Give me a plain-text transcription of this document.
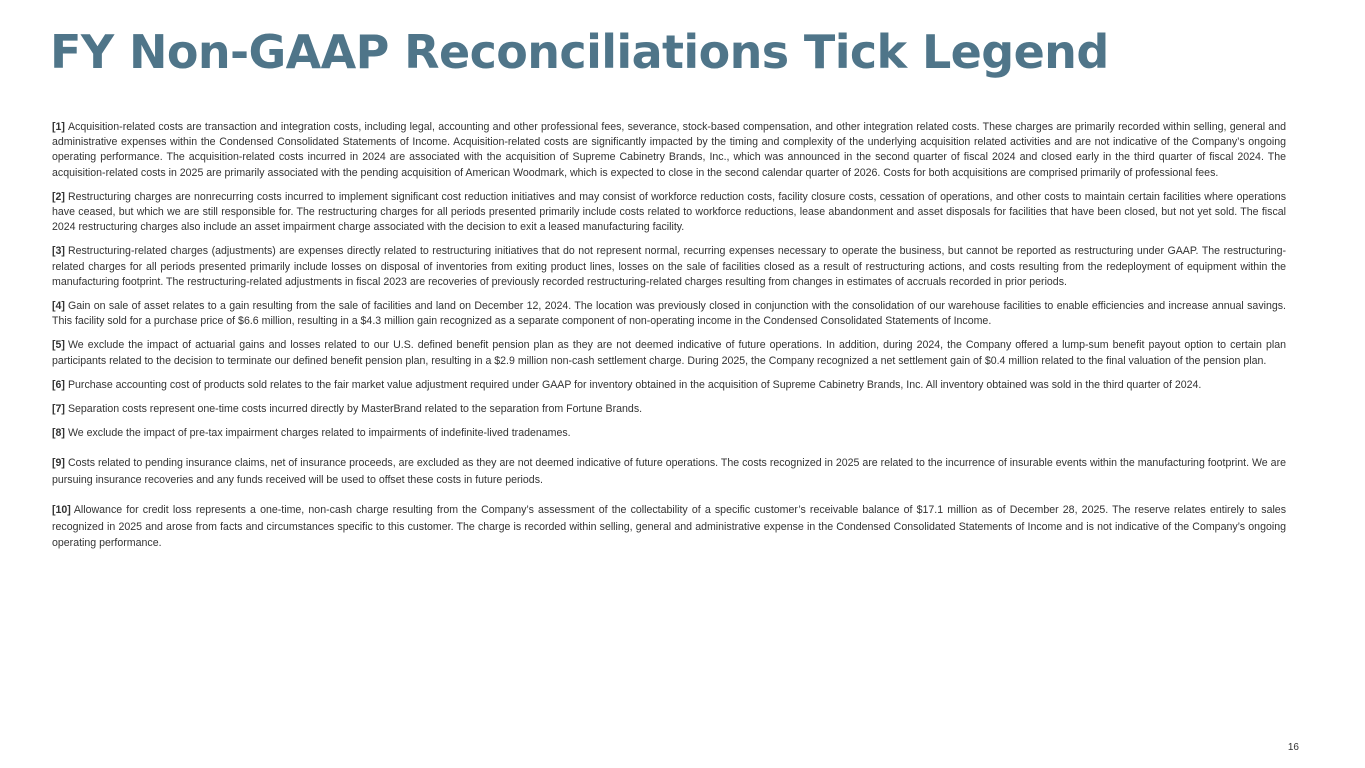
FY Non-GAAP Reconciliations Tick Legend

[1] Acquisition-related costs are transaction and integration costs, including legal, accounting and other professional fees, severance, stock-based compensation, and other integration related costs. These charges are primarily recorded within selling, general and administrative expenses within the Condensed Consolidated Statements of Income. Acquisition-related costs are significantly impacted by the timing and complexity of the underlying acquisition related activities and are not indicative of the Company’s ongoing operating performance. The acquisition-related costs incurred in 2024 are associated with the acquisition of Supreme Cabinetry Brands, Inc., which was announced in the second quarter of fiscal 2024 and closed early in the third quarter of fiscal 2024. The acquisition-related costs in 2025 are primarily associated with the pending acquisition of American Woodmark, which is expected to close in the second calendar quarter of 2026. Costs for both acquisitions are comprised primarily of professional fees.

[2] Restructuring charges are nonrecurring costs incurred to implement significant cost reduction initiatives and may consist of workforce reduction costs, facility closure costs, cessation of operations, and other costs to maintain certain facilities where operations have ceased, but which we are still responsible for. The restructuring charges for all periods presented primarily include costs related to workforce reductions, lease abandonment and asset disposals for facilities that have been closed, but not yet sold. The fiscal 2024 restructuring charges also include an asset impairment charge associated with the decision to exit a leased manufacturing facility.

[3] Restructuring-related charges (adjustments) are expenses directly related to restructuring initiatives that do not represent normal, recurring expenses necessary to operate the business, but cannot be reported as restructuring under GAAP. The restructuring-related charges for all periods presented primarily include losses on disposal of inventories from exiting product lines, losses on the sale of facilities closed as a result of restructuring actions, and costs resulting from the redeployment of equipment within the manufacturing footprint. The restructuring-related adjustments in fiscal 2023 are recoveries of previously recorded restructuring-related charges resulting from changes in estimates of accruals recorded in prior periods.

[4] Gain on sale of asset relates to a gain resulting from the sale of facilities and land on December 12, 2024. The location was previously closed in conjunction with the consolidation of our warehouse facilities to enable efficiencies and increase annual savings. This facility sold for a purchase price of $6.6 million, resulting in a $4.3 million gain recognized as a separate component of non-operating income in the Condensed Consolidated Statements of Income.

[5] We exclude the impact of actuarial gains and losses related to our U.S. defined benefit pension plan as they are not deemed indicative of future operations. In addition, during 2024, the Company offered a lump-sum benefit payout option to certain plan participants related to the decision to terminate our defined benefit pension plan, resulting in a $2.9 million non-cash settlement charge. During 2025, the Company recognized a net settlement gain of $0.4 million related to the final valuation of the pension plan.

[6] Purchase accounting cost of products sold relates to the fair market value adjustment required under GAAP for inventory obtained in the acquisition of Supreme Cabinetry Brands, Inc. All inventory obtained was sold in the third quarter of 2024.

[7] Separation costs represent one-time costs incurred directly by MasterBrand related to the separation from Fortune Brands.

[8] We exclude the impact of pre-tax impairment charges related to impairments of indefinite-lived tradenames.

[9] Costs related to pending insurance claims, net of insurance proceeds, are excluded as they are not deemed indicative of future operations. The costs recognized in 2025 are related to the incurrence of insurable events within the manufacturing footprint. We are pursuing insurance recoveries and any funds received will be used to offset these costs in future periods.

[10] Allowance for credit loss represents a one-time, non-cash charge resulting from the Company’s assessment of the collectability of a specific customer’s receivable balance of $17.1 million as of December 28, 2025. The reserve relates entirely to sales recognized in 2025 and arose from facts and circumstances specific to this customer. The charge is recorded within selling, general and administrative expense in the Condensed Consolidated Statements of Income and is not indicative of the Company’s ongoing operating performance.

16
